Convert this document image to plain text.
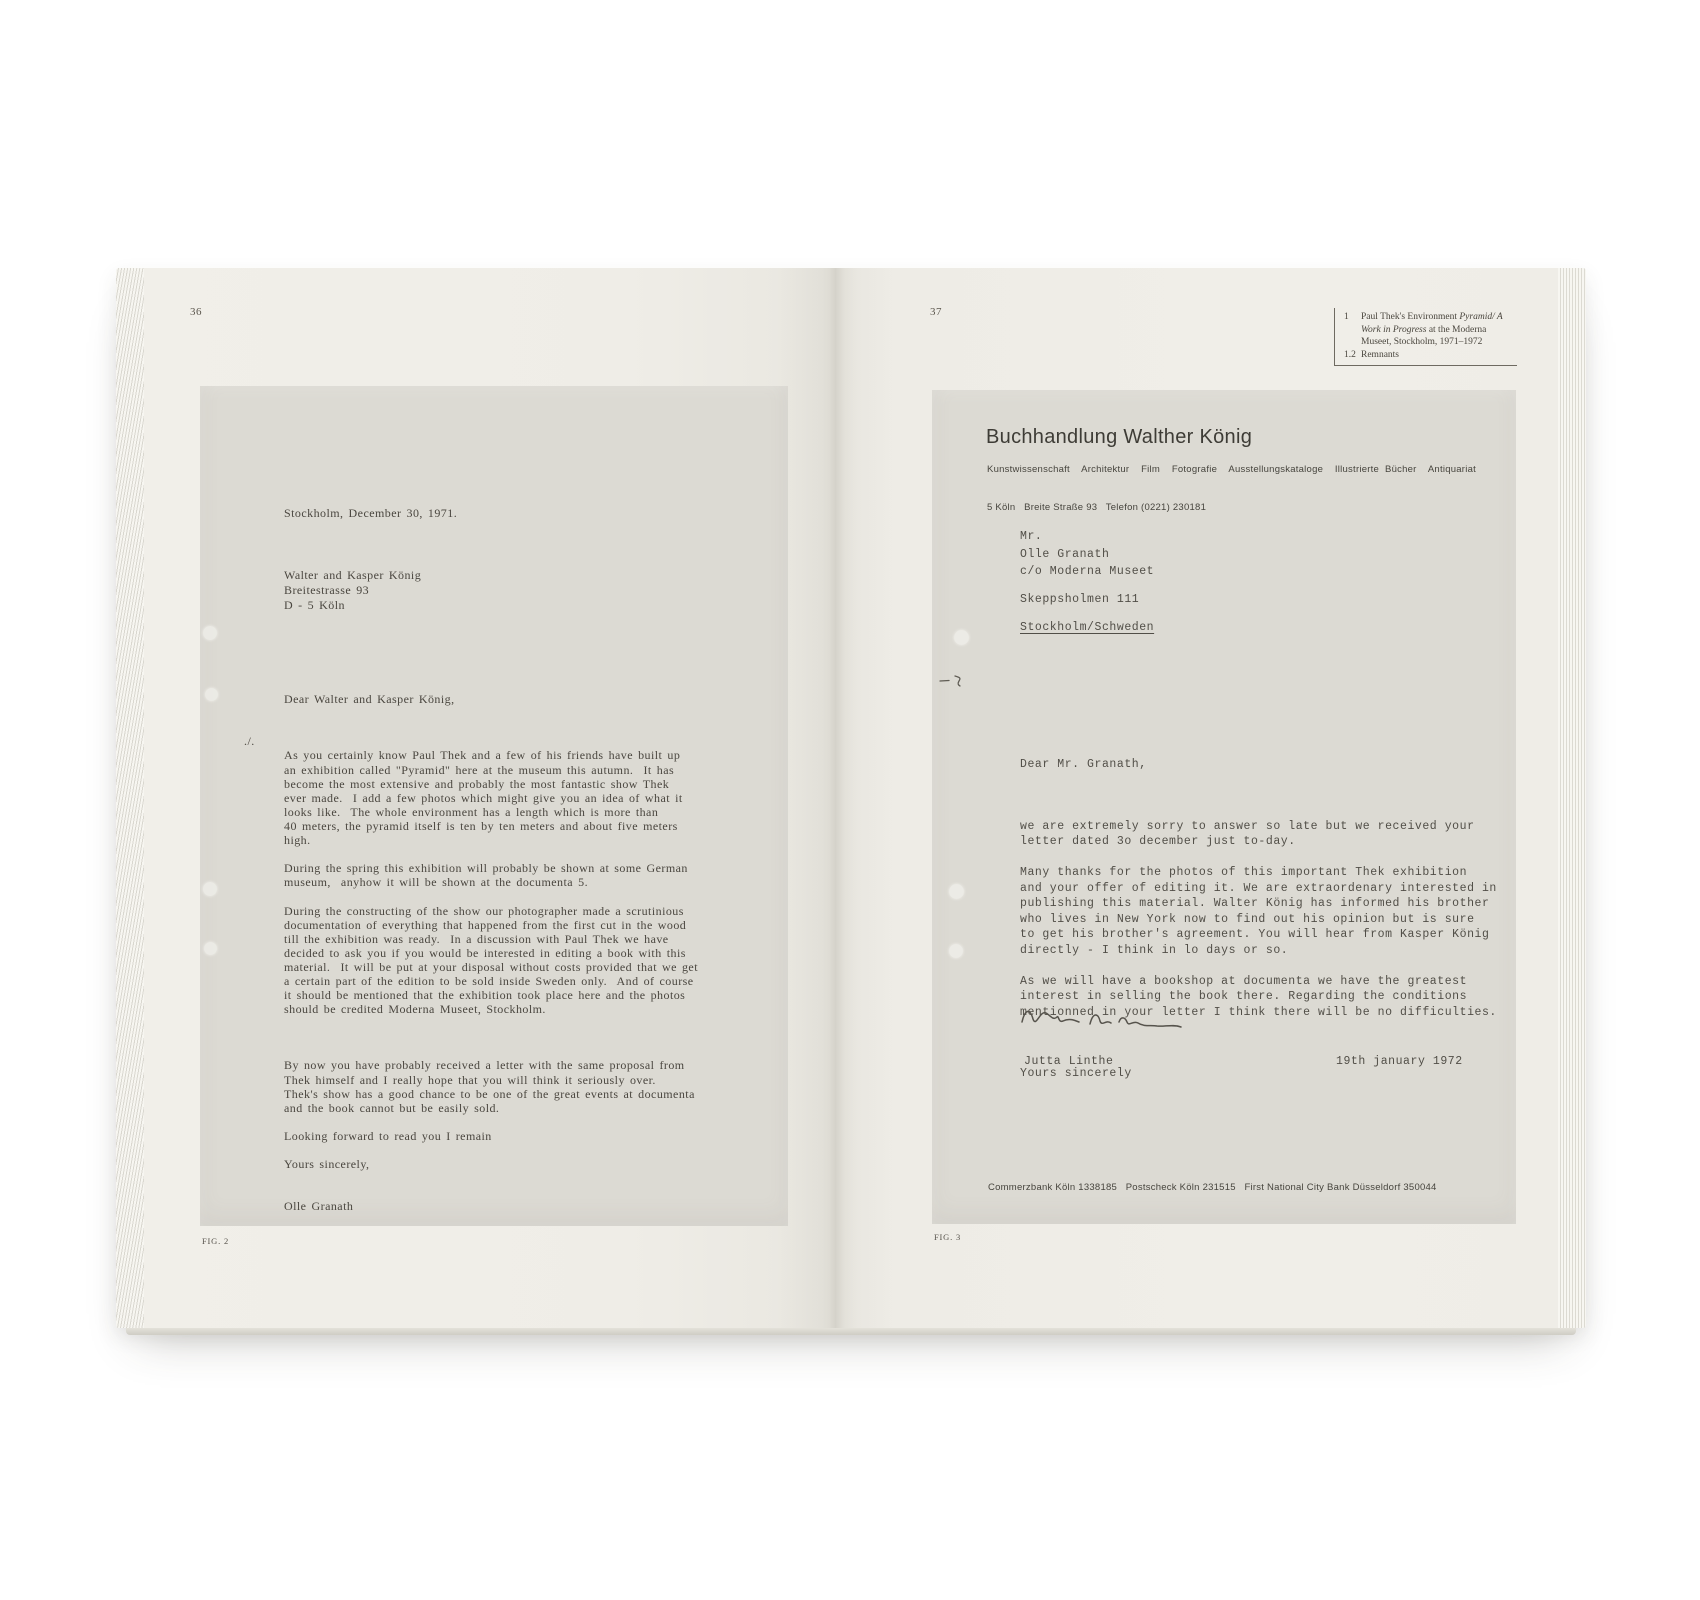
36
Stockholm, December 30, 1971.
Walter and Kasper König
Breitestrasse 93
D - 5 Köln
./.

Dear Walter and Kasper König,

As you certainly know Paul Thek and a few of his friends have built up
an exhibition called "Pyramid" here at the museum this autumn.  It has
become the most extensive and probably the most fantastic show Thek
ever made.  I add a few photos which might give you an idea of what it
looks like.  The whole environment has a length which is more than
40 meters, the pyramid itself is ten by ten meters and about five meters
high.

During the spring this exhibition will probably be shown at some German
museum,  anyhow it will be shown at the documenta 5.

During the constructing of the show our photographer made a scrutinious
documentation of everything that happened from the first cut in the wood
till the exhibition was ready.  In a discussion with Paul Thek we have
decided to ask you if you would be interested in editing a book with this
material.  It will be put at your disposal without costs provided that we get
a certain part of the edition to be sold inside Sweden only.  And of course
it should be mentioned that the exhibition took place here and the photos
should be credited Moderna Museet, Stockholm.

By now you have probably received a letter with the same proposal from
Thek himself and I really hope that you will think it seriously over.
Thek's show has a good chance to be one of the great events at documenta
and the book cannot but be easily sold.

Looking forward to read you I remain

Yours sincerely,

Olle Granath

FIG. 2
37	1	Paul Thek's Environment Pyramid/ A Work in Progress at the Moderna Museet, Stockholm, 1971–1972
1.2 Remnants
Buchhandlung Walther König
Kunstwissenschaft  Architektur  Film  Fotografie  Ausstellungskataloge  Illustrierte Bücher  Antiquariat
5 Köln   Breite Straße 93   Telefon (0221) 230181
Mr.
Olle Granath
c/o Moderna Museet
Skeppsholmen 111
Stockholm/Schweden

Dear Mr. Granath,

we are extremely sorry to answer so late but we received your
letter dated 3o december just to-day.

Many thanks for the photos of this important Thek exhibition
and your offer of editing it. We are extraordenary interested in
publishing this material. Walter König has informed his brother
who lives in New York now to find out his opinion but is sure
to get his brother's agreement. You will hear from Kasper König
directly - I think in lo days or so.

As we will have a bookshop at documenta we have the greatest
interest in selling the book there. Regarding the conditions
mentionned in your letter I think there will be no difficulties.

Yours sincerely

Jutta Linthe	19th january 1972
Commerzbank Köln 1338185   Postscheck Köln 231515   First National City Bank Düsseldorf 350044
FIG. 3
